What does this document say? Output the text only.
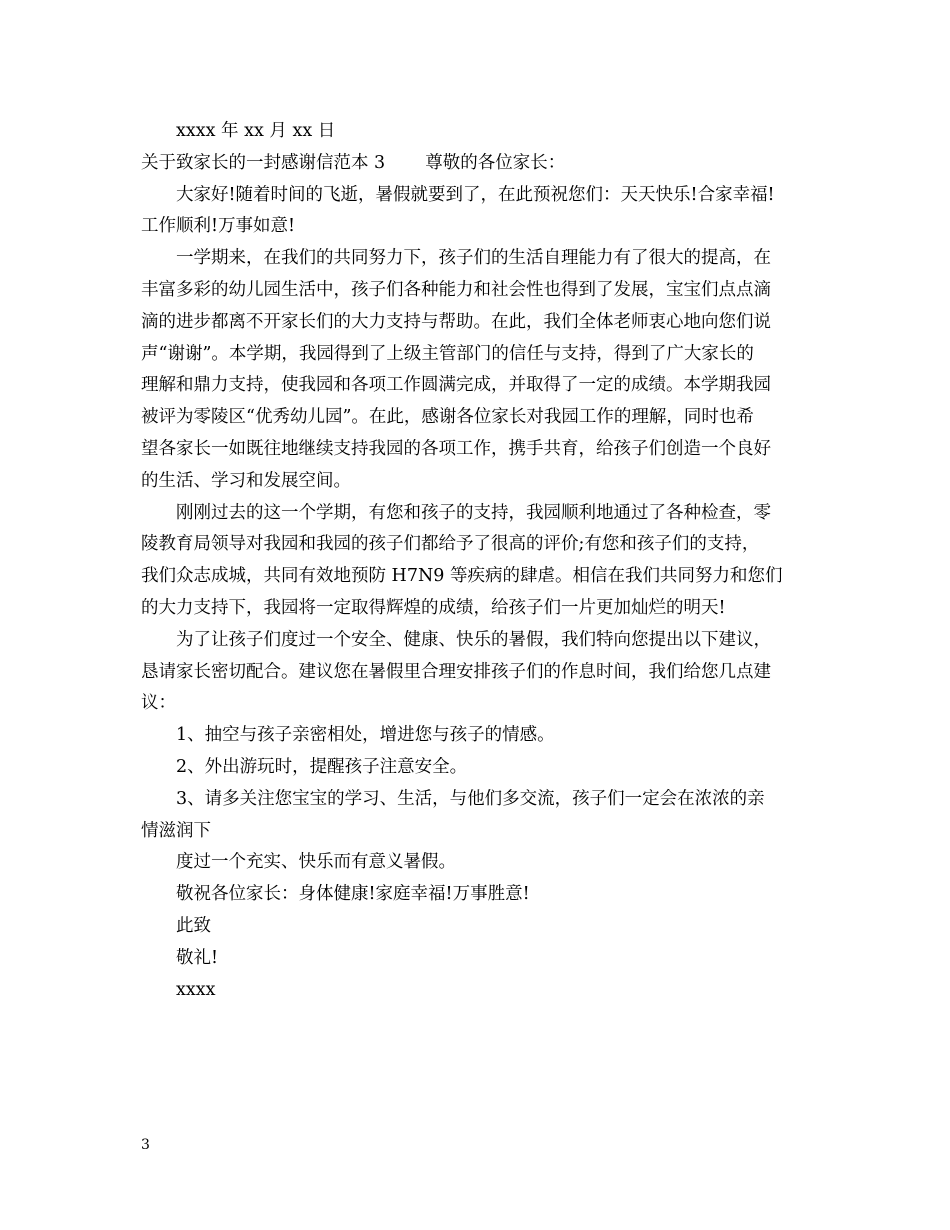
xxxx 年 xx 月 xx 日
关于致家长的一封感谢信范本 3 尊敬的各位家长：
大家好!随着时间的飞逝，暑假就要到了，在此预祝您们：天天快乐!合家幸福!
工作顺利!万事如意!
一学期来，在我们的共同努力下，孩子们的生活自理能力有了很大的提高，在
丰富多彩的幼儿园生活中，孩子们各种能力和社会性也得到了发展，宝宝们点点滴
滴的进步都离不开家长们的大力支持与帮助。在此，我们全体老师衷心地向您们说
声“谢谢”。本学期，我园得到了上级主管部门的信任与支持，得到了广大家长的
理解和鼎力支持，使我园和各项工作圆满完成，并取得了一定的成绩。本学期我园
被评为零陵区“优秀幼儿园”。在此，感谢各位家长对我园工作的理解，同时也希
望各家长一如既往地继续支持我园的各项工作，携手共育，给孩子们创造一个良好
的生活、学习和发展空间。
刚刚过去的这一个学期，有您和孩子的支持，我园顺利地通过了各种检查，零
陵教育局领导对我园和我园的孩子们都给予了很高的评价;有您和孩子们的支持，
我们众志成城，共同有效地预防 H7N9 等疾病的肆虐。相信在我们共同努力和您们
的大力支持下，我园将一定取得辉煌的成绩，给孩子们一片更加灿烂的明天!
为了让孩子们度过一个安全、健康、快乐的暑假，我们特向您提出以下建议，
恳请家长密切配合。建议您在暑假里合理安排孩子们的作息时间，我们给您几点建
议：
1、抽空与孩子亲密相处，增进您与孩子的情感。
2、外出游玩时，提醒孩子注意安全。
3、请多关注您宝宝的学习、生活，与他们多交流，孩子们一定会在浓浓的亲
情滋润下
度过一个充实、快乐而有意义暑假。
敬祝各位家长：身体健康!家庭幸福!万事胜意!
此致
敬礼!
xxxx
3
